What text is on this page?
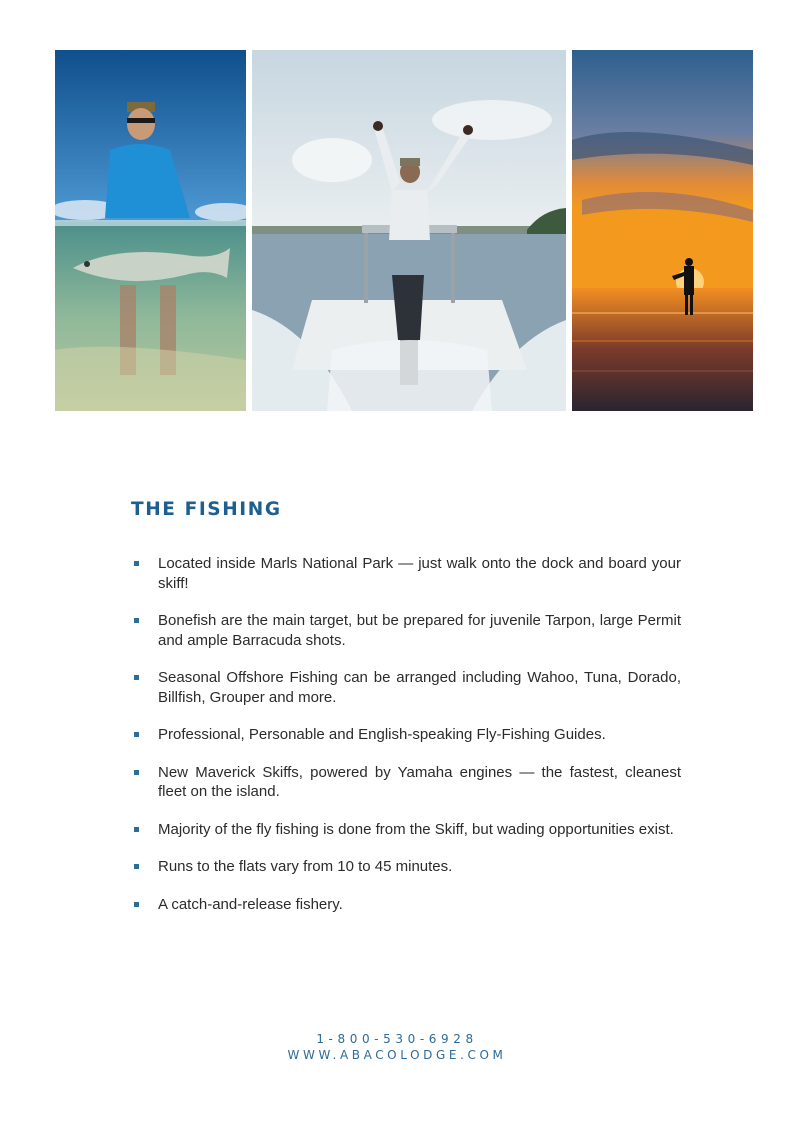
THE FISHING
Located inside Marls National Park — just walk onto the dock and board your skiff!
Bonefish are the main target, but be prepared for juvenile Tarpon, large Permit and ample Barracuda shots.
Seasonal Offshore Fishing can be arranged including Wahoo, Tuna, Dorado, Billfish, Grouper and more.
Professional, Personable and English-speaking Fly-Fishing Guides.
New Maverick Skiffs, powered by Yamaha engines — the fastest, cleanest fleet on the island.
Majority of the fly fishing is done from the Skiff, but wading opportunities exist.
Runs to the flats vary from 10 to 45 minutes.
A catch-and-release fishery.
1-800-530-6928
WWW.ABACOLODGE.COM
